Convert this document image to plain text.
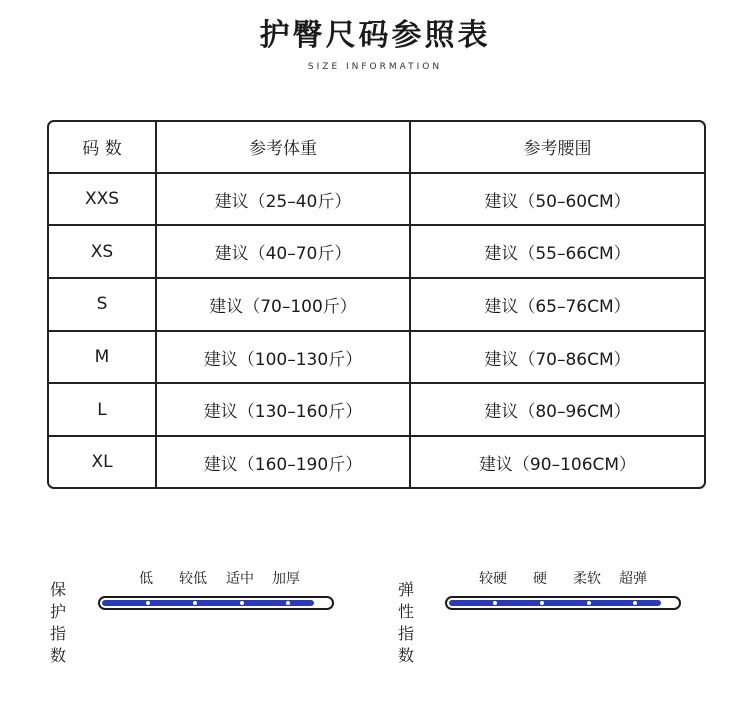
护臀尺码参照表
SIZE INFORMATION
码 数	参考体重	参考腰围
XXS	建议（25–40斤）	建议（50–60CM）
XS	建议（40–70斤）	建议（55–66CM）
S	建议（70–100斤）	建议（65–76CM）
M	建议（100–130斤）	建议（70–86CM）
L	建议（130–160斤）	建议（80–96CM）
XL	建议（160–190斤）	建议（90–106CM）
保护
指数
低 较低 适中 加厚
弹性
指数
较硬 硬 柔软 超弹
